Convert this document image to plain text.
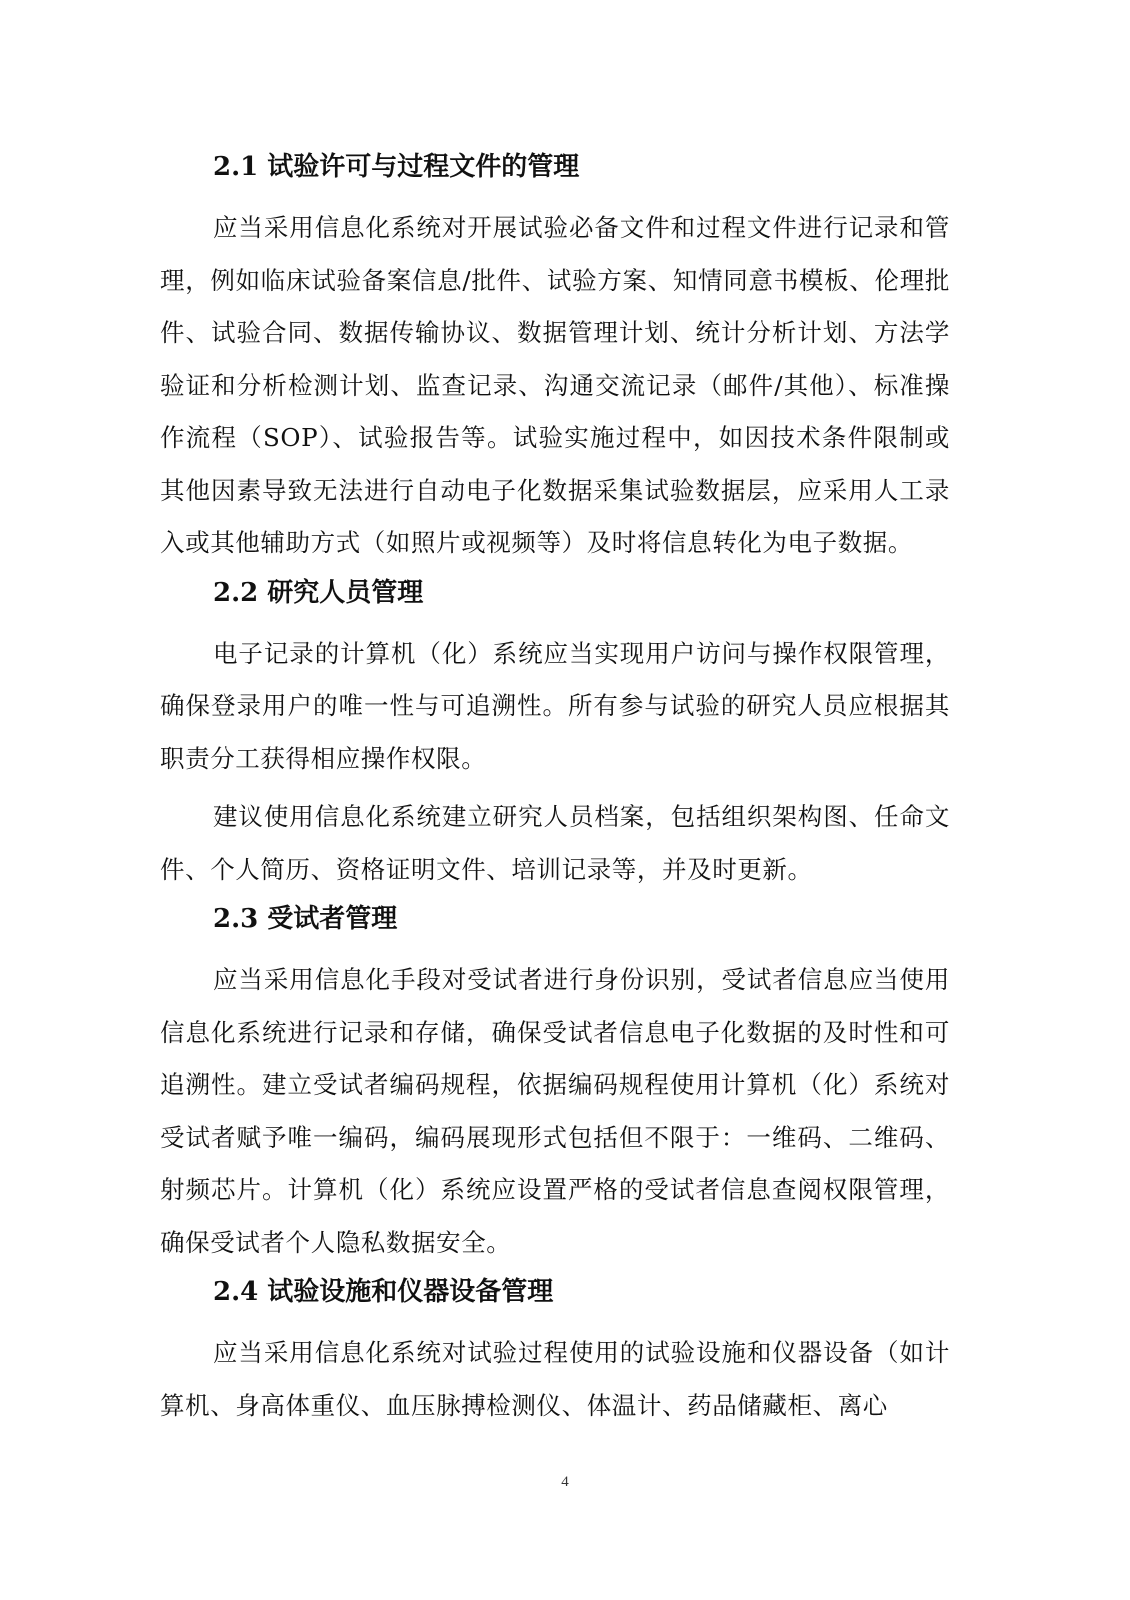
2.1 试验许可与过程文件的管理

应当采用信息化系统对开展试验必备文件和过程文件进行记录和管理，例如临床试验备案信息/批件、试验方案、知情同意书模板、伦理批件、试验合同、数据传输协议、数据管理计划、统计分析计划、方法学验证和分析检测计划、监查记录、沟通交流记录（邮件/其他）、标准操作流程（SOP）、试验报告等。试验实施过程中，如因技术条件限制或其他因素导致无法进行自动电子化数据采集试验数据层，应采用人工录入或其他辅助方式（如照片或视频等）及时将信息转化为电子数据。

2.2 研究人员管理

电子记录的计算机（化）系统应当实现用户访问与操作权限管理，确保登录用户的唯一性与可追溯性。所有参与试验的研究人员应根据其职责分工获得相应操作权限。

建议使用信息化系统建立研究人员档案，包括组织架构图、任命文件、个人简历、资格证明文件、培训记录等，并及时更新。

2.3 受试者管理

应当采用信息化手段对受试者进行身份识别，受试者信息应当使用信息化系统进行记录和存储，确保受试者信息电子化数据的及时性和可追溯性。建立受试者编码规程，依据编码规程使用计算机（化）系统对受试者赋予唯一编码，编码展现形式包括但不限于：一维码、二维码、射频芯片。计算机（化）系统应设置严格的受试者信息查阅权限管理，确保受试者个人隐私数据安全。

2.4 试验设施和仪器设备管理

应当采用信息化系统对试验过程使用的试验设施和仪器设备（如计算机、身高体重仪、血压脉搏检测仪、体温计、药品储藏柜、离心

4
